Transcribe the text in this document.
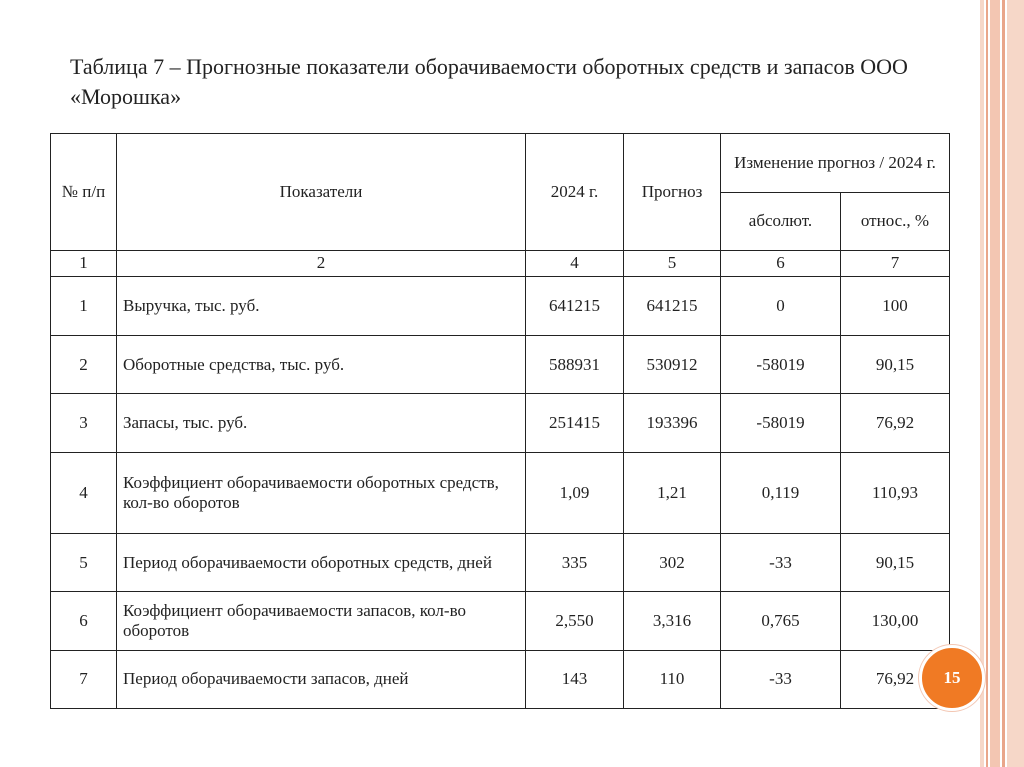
Таблица 7 – Прогнозные показатели оборачиваемости оборотных средств и запасов ООО «Морошка»
№ п/п	Показатели	2024 г.	Прогноз	Изменение прогноз / 2024 г.	
				абсолют.	относ., %
1	2	4	5	6	7
1	Выручка, тыс. руб.	641215	641215	0	100
2	Оборотные средства, тыс. руб.	588931	530912	-58019	90,15
3	Запасы, тыс. руб.	251415	193396	-58019	76,92
4	Коэффициент оборачиваемости оборотных средств, кол-во оборотов	1,09	1,21	0,119	110,93
5	Период оборачиваемости оборотных средств, дней	335	302	-33	90,15
6	Коэффициент оборачиваемости запасов, кол-во оборотов	2,550	3,316	0,765	130,00
7	Период оборачиваемости запасов, дней	143	110	-33	76,92	15
